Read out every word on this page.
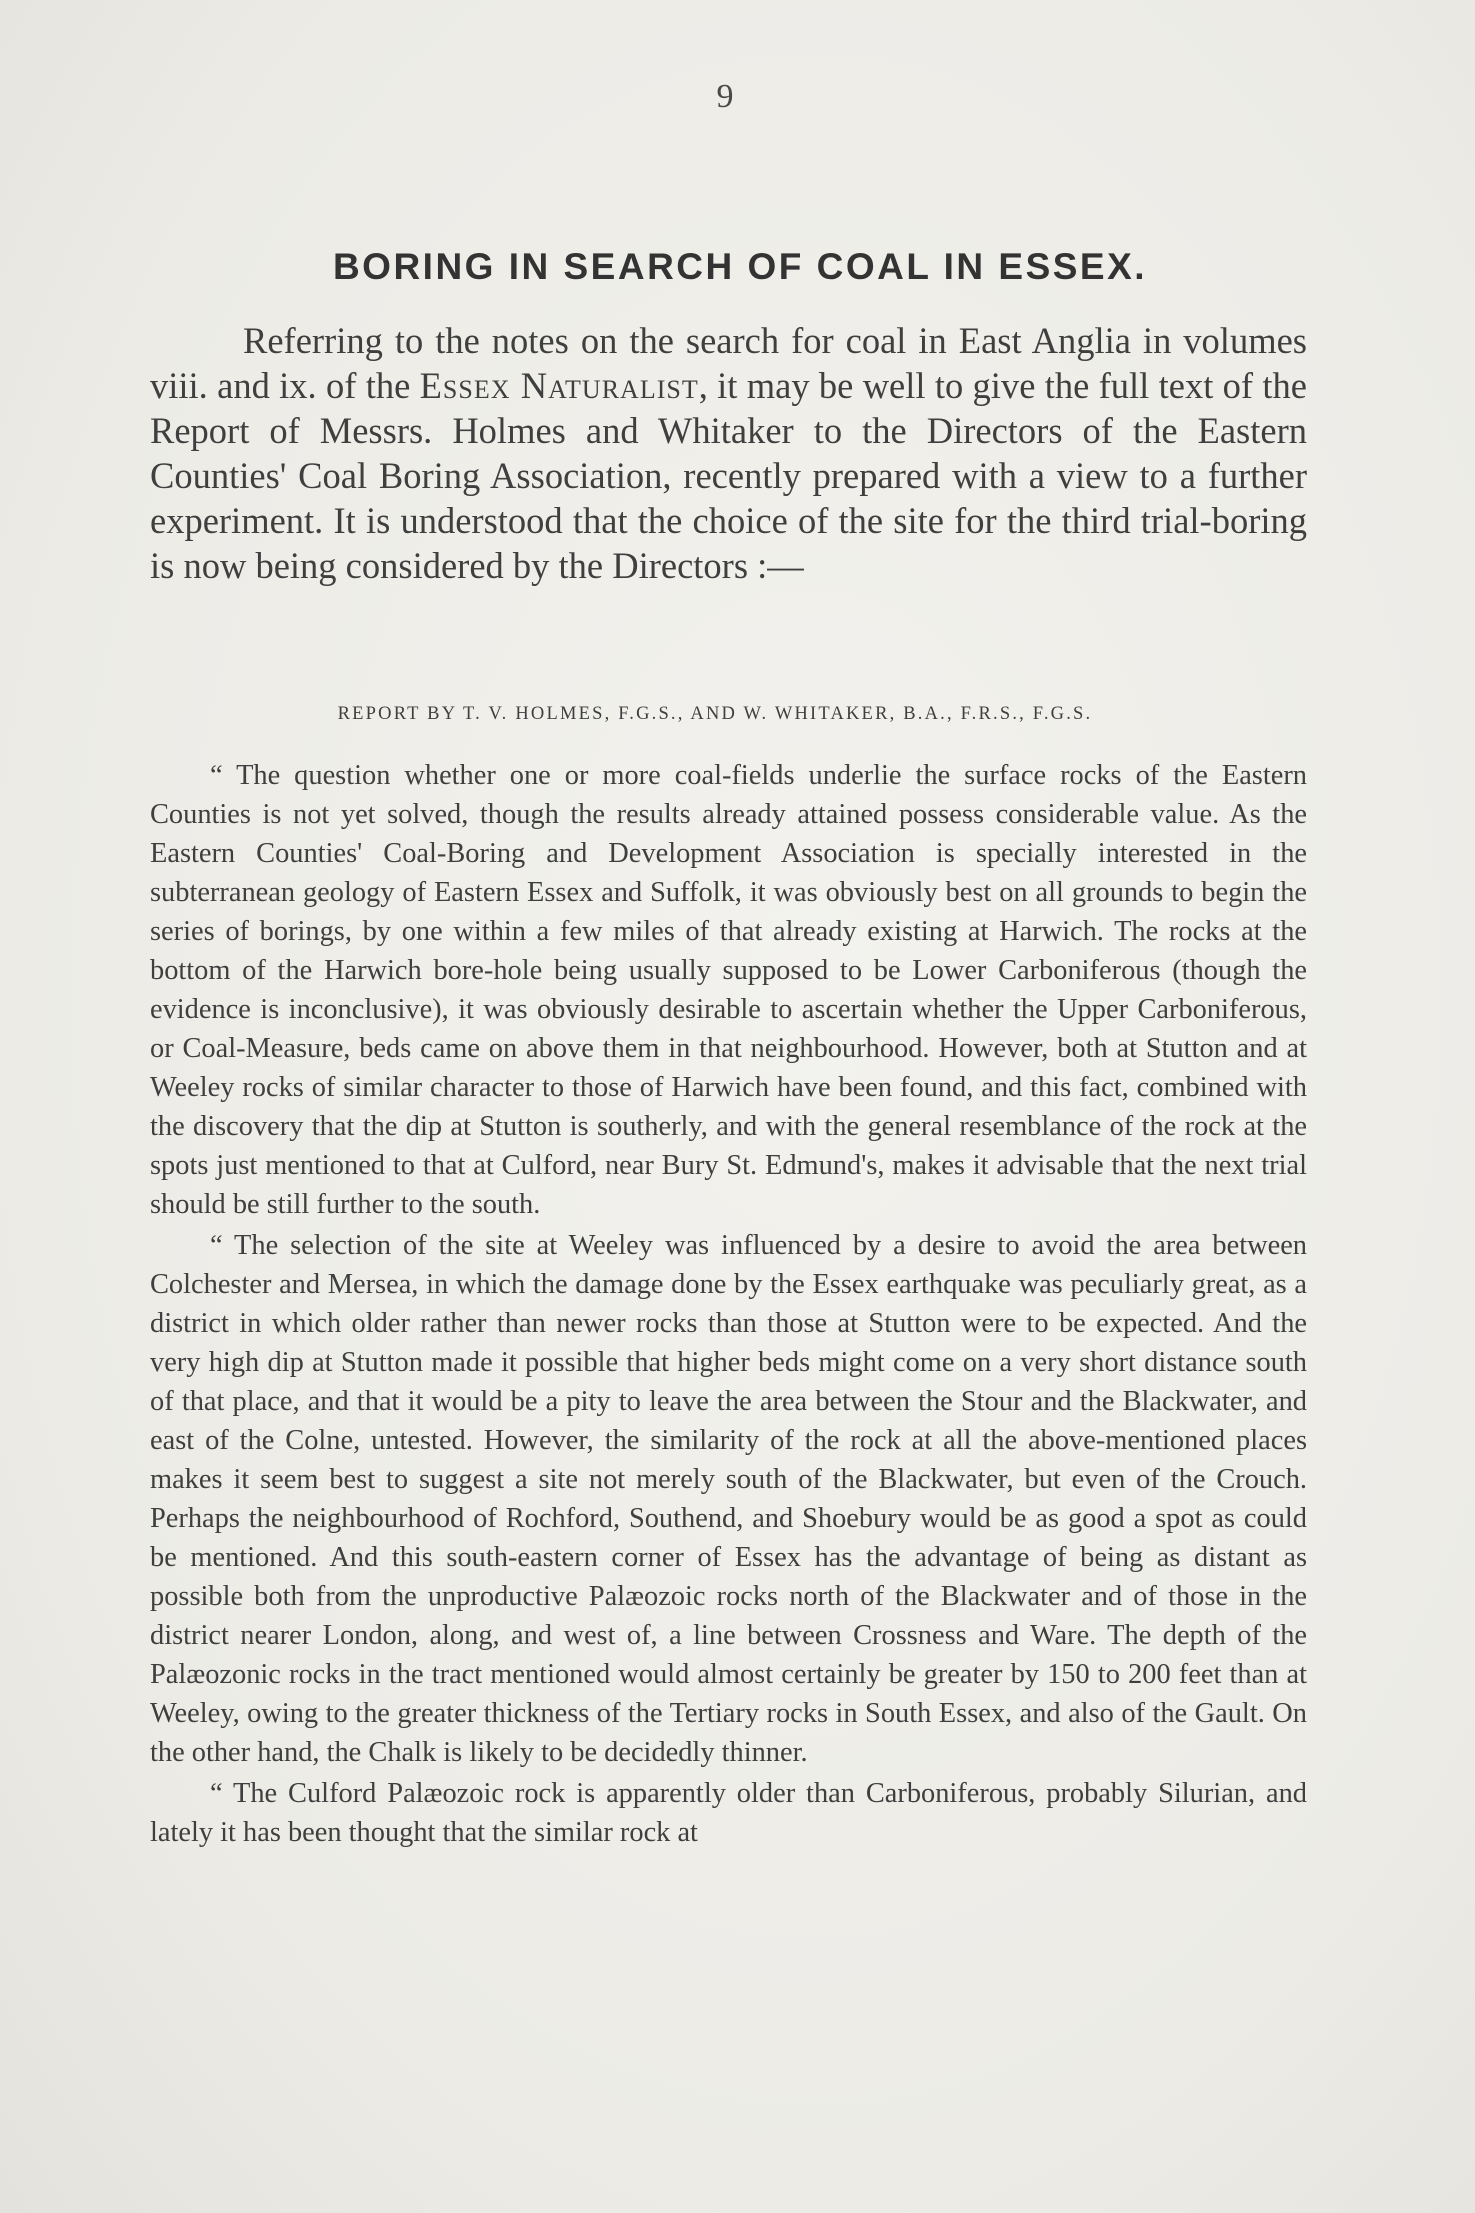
9
BORING IN SEARCH OF COAL IN ESSEX.

Referring to the notes on the search for coal in East Anglia in volumes viii. and ix. of the Essex Naturalist, it may be well to give the full text of the Report of Messrs. Holmes and Whitaker to the Directors of the Eastern Counties' Coal Boring Association, recently prepared with a view to a further experiment. It is understood that the choice of the site for the third trial-boring is now being considered by the Directors :—

REPORT BY T. V. HOLMES, F.G.S., AND W. WHITAKER, B.A., F.R.S., F.G.S.

“ The question whether one or more coal-fields underlie the surface rocks of the Eastern Counties is not yet solved, though the results already attained possess considerable value. As the Eastern Counties' Coal-Boring and Development Association is specially interested in the subterranean geology of Eastern Essex and Suffolk, it was obviously best on all grounds to begin the series of borings, by one within a few miles of that already existing at Harwich. The rocks at the bottom of the Harwich bore-hole being usually supposed to be Lower Carboniferous (though the evidence is inconclusive), it was obviously desirable to ascertain whether the Upper Carboniferous, or Coal-Measure, beds came on above them in that neighbourhood. However, both at Stutton and at Weeley rocks of similar character to those of Harwich have been found, and this fact, combined with the discovery that the dip at Stutton is southerly, and with the general resemblance of the rock at the spots just mentioned to that at Culford, near Bury St. Edmund's, makes it advisable that the next trial should be still further to the south.

“ The selection of the site at Weeley was influenced by a desire to avoid the area between Colchester and Mersea, in which the damage done by the Essex earthquake was peculiarly great, as a district in which older rather than newer rocks than those at Stutton were to be expected. And the very high dip at Stutton made it possible that higher beds might come on a very short distance south of that place, and that it would be a pity to leave the area between the Stour and the Blackwater, and east of the Colne, untested. However, the similarity of the rock at all the above-mentioned places makes it seem best to suggest a site not merely south of the Blackwater, but even of the Crouch. Perhaps the neighbourhood of Rochford, Southend, and Shoebury would be as good a spot as could be mentioned. And this south-eastern corner of Essex has the advantage of being as distant as possible both from the unproductive Palæozoic rocks north of the Blackwater and of those in the district nearer London, along, and west of, a line between Crossness and Ware. The depth of the Palæozonic rocks in the tract mentioned would almost certainly be greater by 150 to 200 feet than at Weeley, owing to the greater thickness of the Tertiary rocks in South Essex, and also of the Gault. On the other hand, the Chalk is likely to be decidedly thinner.

“ The Culford Palæozoic rock is apparently older than Carboniferous, probably Silurian, and lately it has been thought that the similar rock at
